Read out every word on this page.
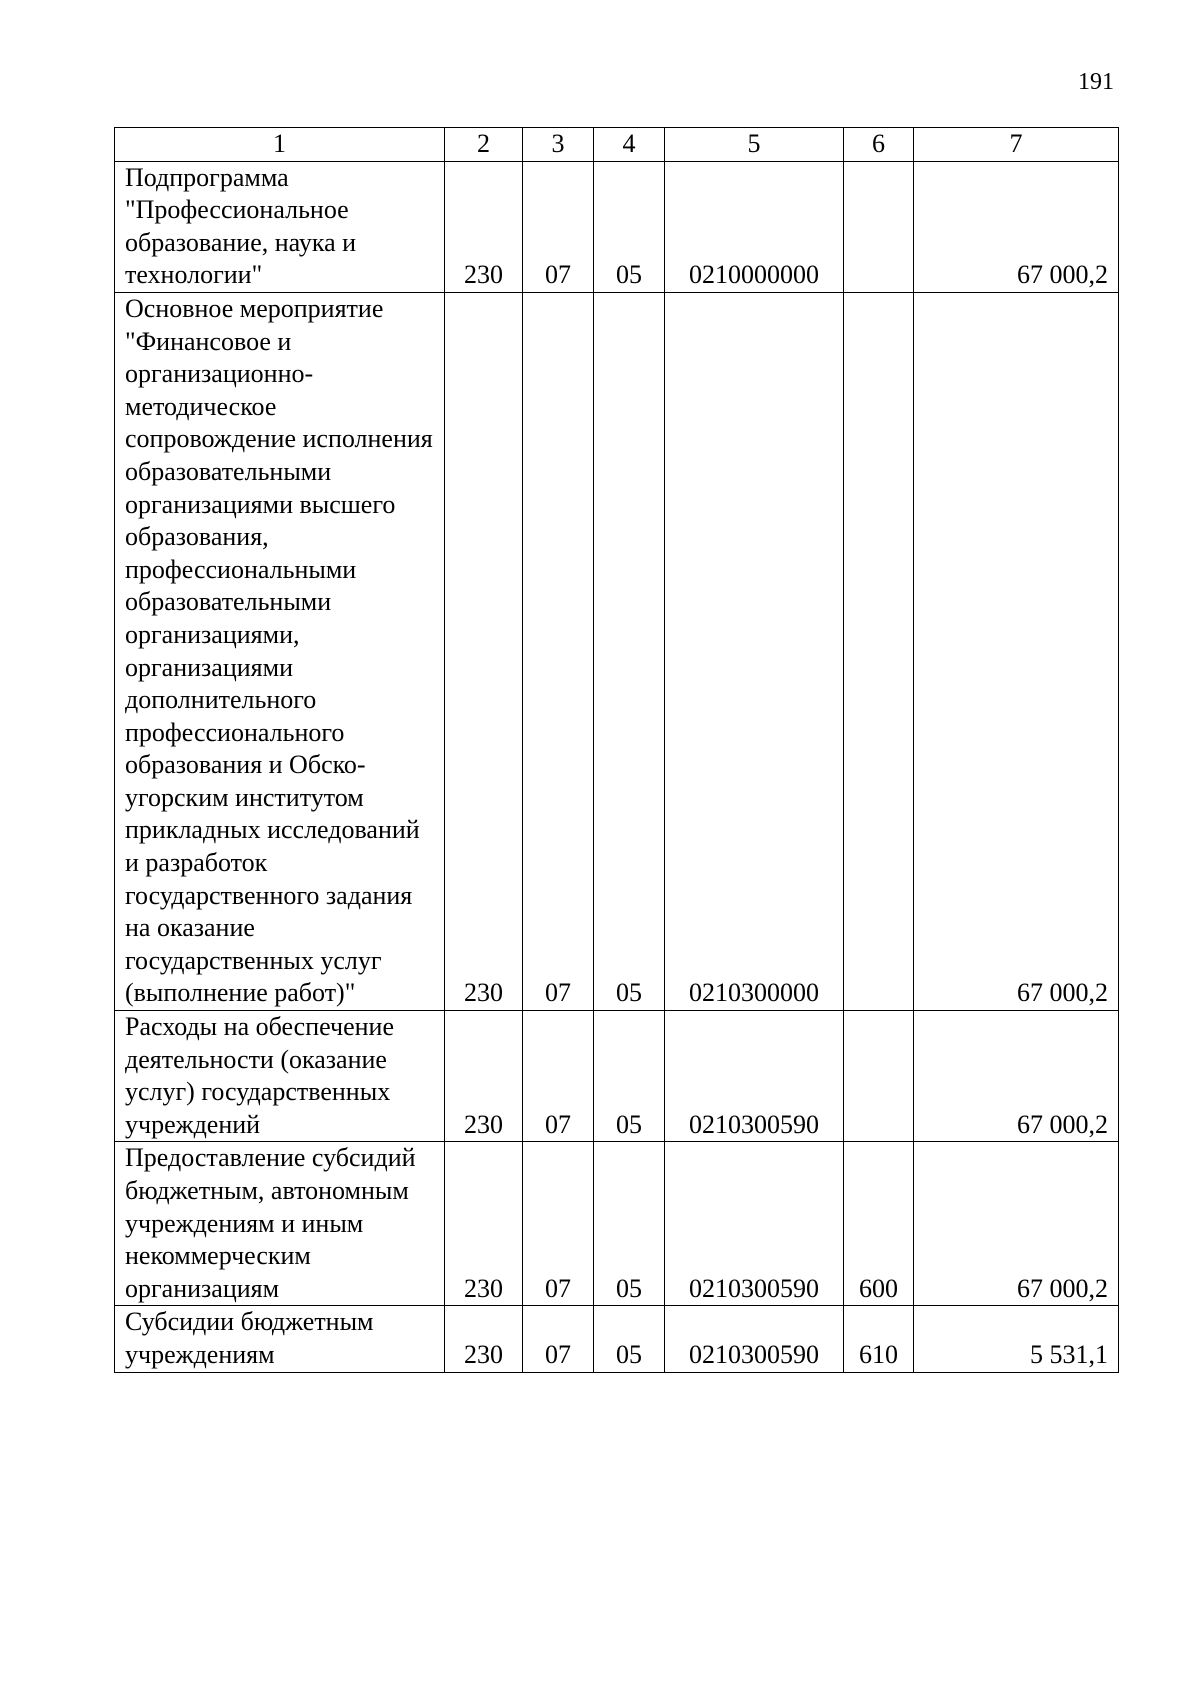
191
1	2	3	4	5	6	7
Подпрограмма "Профессиональное образование, наука и технологии"	230	07	05	0210000000		67 000,2
Основное мероприятие "Финансовое и организационно-методическое сопровождение исполнения образовательными организациями высшего образования, профессиональными образовательными организациями, организациями дополнительного профессионального образования и Обско-угорским институтом прикладных исследований и разработок государственного задания на оказание государственных услуг (выполнение работ)"	230	07	05	0210300000		67 000,2
Расходы на обеспечение деятельности (оказание услуг) государственных учреждений	230	07	05	0210300590		67 000,2
Предоставление субсидий бюджетным, автономным учреждениям и иным некоммерческим организациям	230	07	05	0210300590	600	67 000,2
Субсидии бюджетным учреждениям	230	07	05	0210300590	610	5 531,1
